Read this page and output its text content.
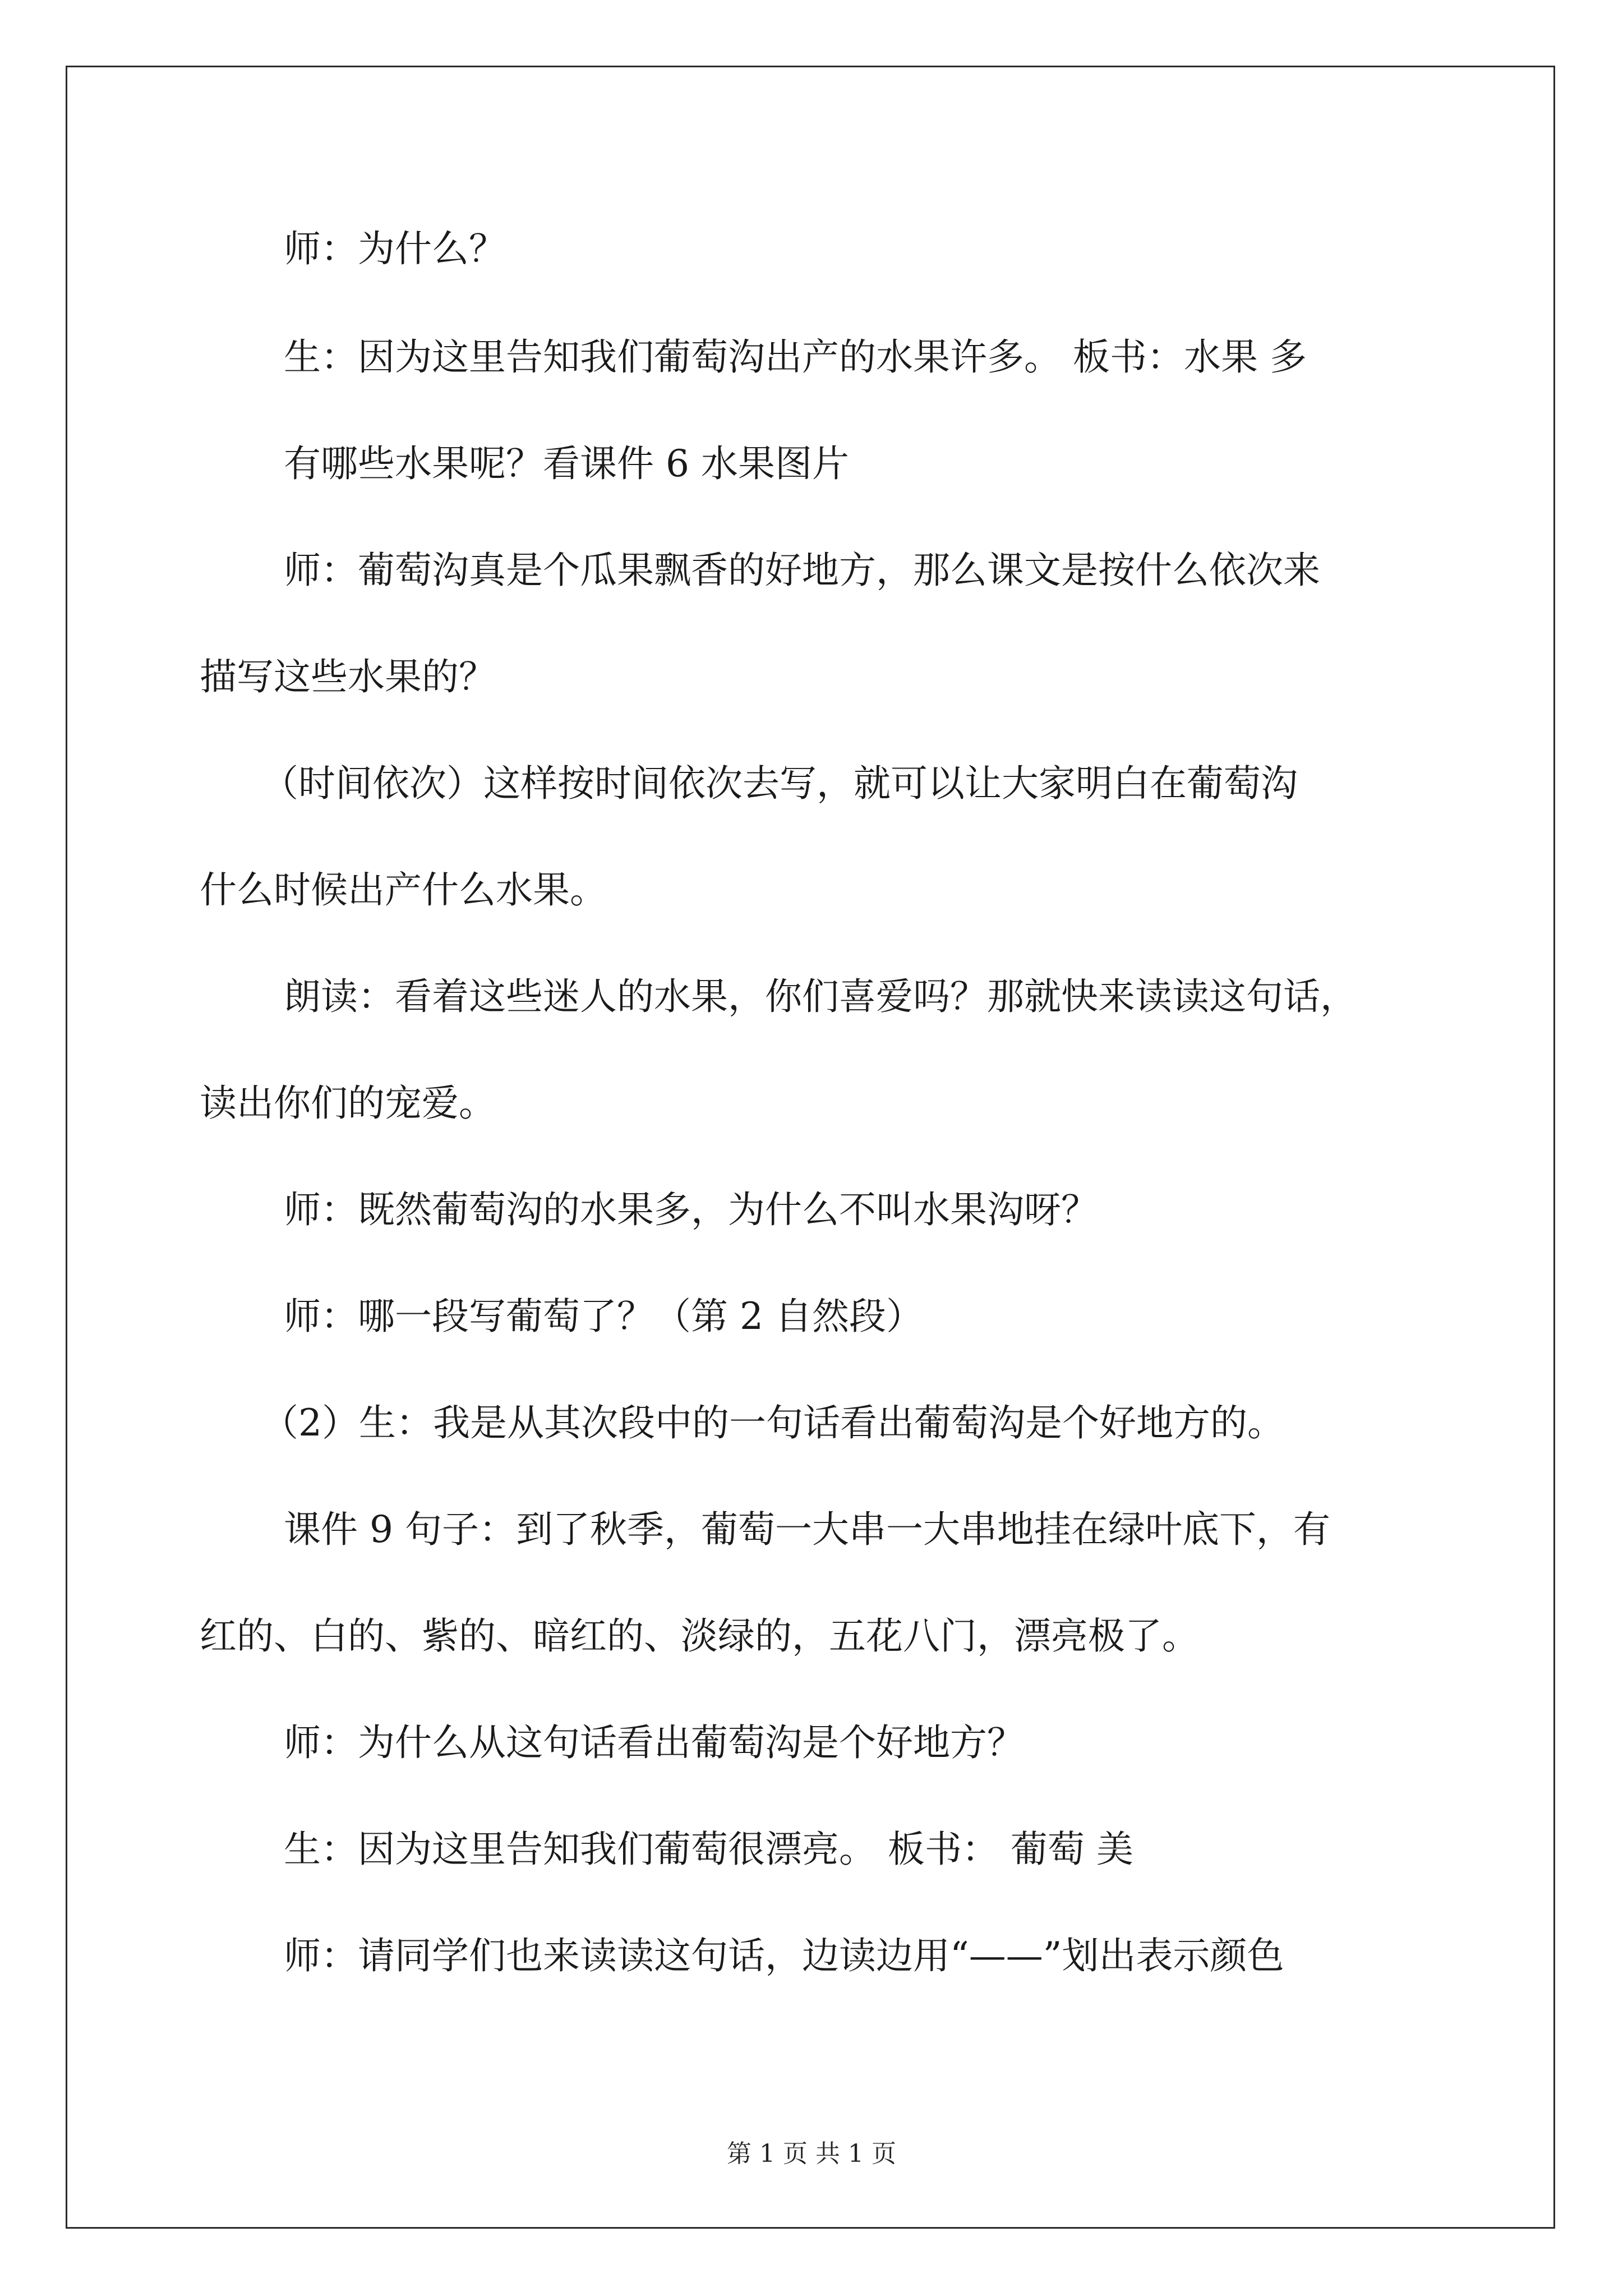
师：为什么？
生：因为这里告知我们葡萄沟出产的水果许多。 板书：水果 多
有哪些水果呢？看课件 6 水果图片
师：葡萄沟真是个瓜果飘香的好地方，那么课文是按什么依次来
描写这些水果的？
（时间依次）这样按时间依次去写，就可以让大家明白在葡萄沟
什么时候出产什么水果。
朗读：看着这些迷人的水果，你们喜爱吗？那就快来读读这句话，
读出你们的宠爱。
师：既然葡萄沟的水果多，为什么不叫水果沟呀？
师：哪一段写葡萄了？（第 2 自然段）
（2）生：我是从其次段中的一句话看出葡萄沟是个好地方的。
课件 9 句子：到了秋季，葡萄一大串一大串地挂在绿叶底下，有
红的、白的、紫的、暗红的、淡绿的，五花八门，漂亮极了。
师：为什么从这句话看出葡萄沟是个好地方？
生：因为这里告知我们葡萄很漂亮。 板书： 葡萄 美
师：请同学们也来读读这句话，边读边用“——”划出表示颜色
第 1 页 共 1 页
